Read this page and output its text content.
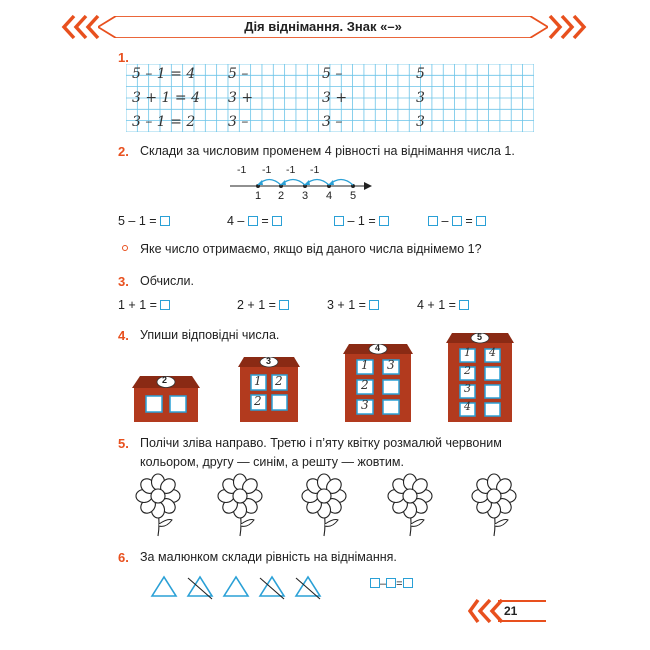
Дія віднімання. Знак «–»
1.
5 – 1 = 4 5 –	5 –	5
3 + 1 = 4 3 +	3 +	3
3 – 1 = 2 3 –	3 –	3
2. Склади за числовим променем 4 рівності на віднімання числа 1.
-1 -1 -1 -1
1 2 3 4 5
5 – 1 =	4 – =	– 1 =	– =
Яке число отримаємо, якщо від даного числа віднімемо 1?
3. Обчисли.
1 + 1 =	2 + 1 =	3 + 1 =	4 + 1 =
4. Упиши відповідні числа.
2
3
1 2
2
4
1 3
2
3
5
1 4
2
3
4
5. Полічи зліва направо. Третю і п’яту квітку розмалюй червоним
кольором, другу — синім, а решту — жовтим.
6. За малюнком склади рівність на віднімання.
– =
21
